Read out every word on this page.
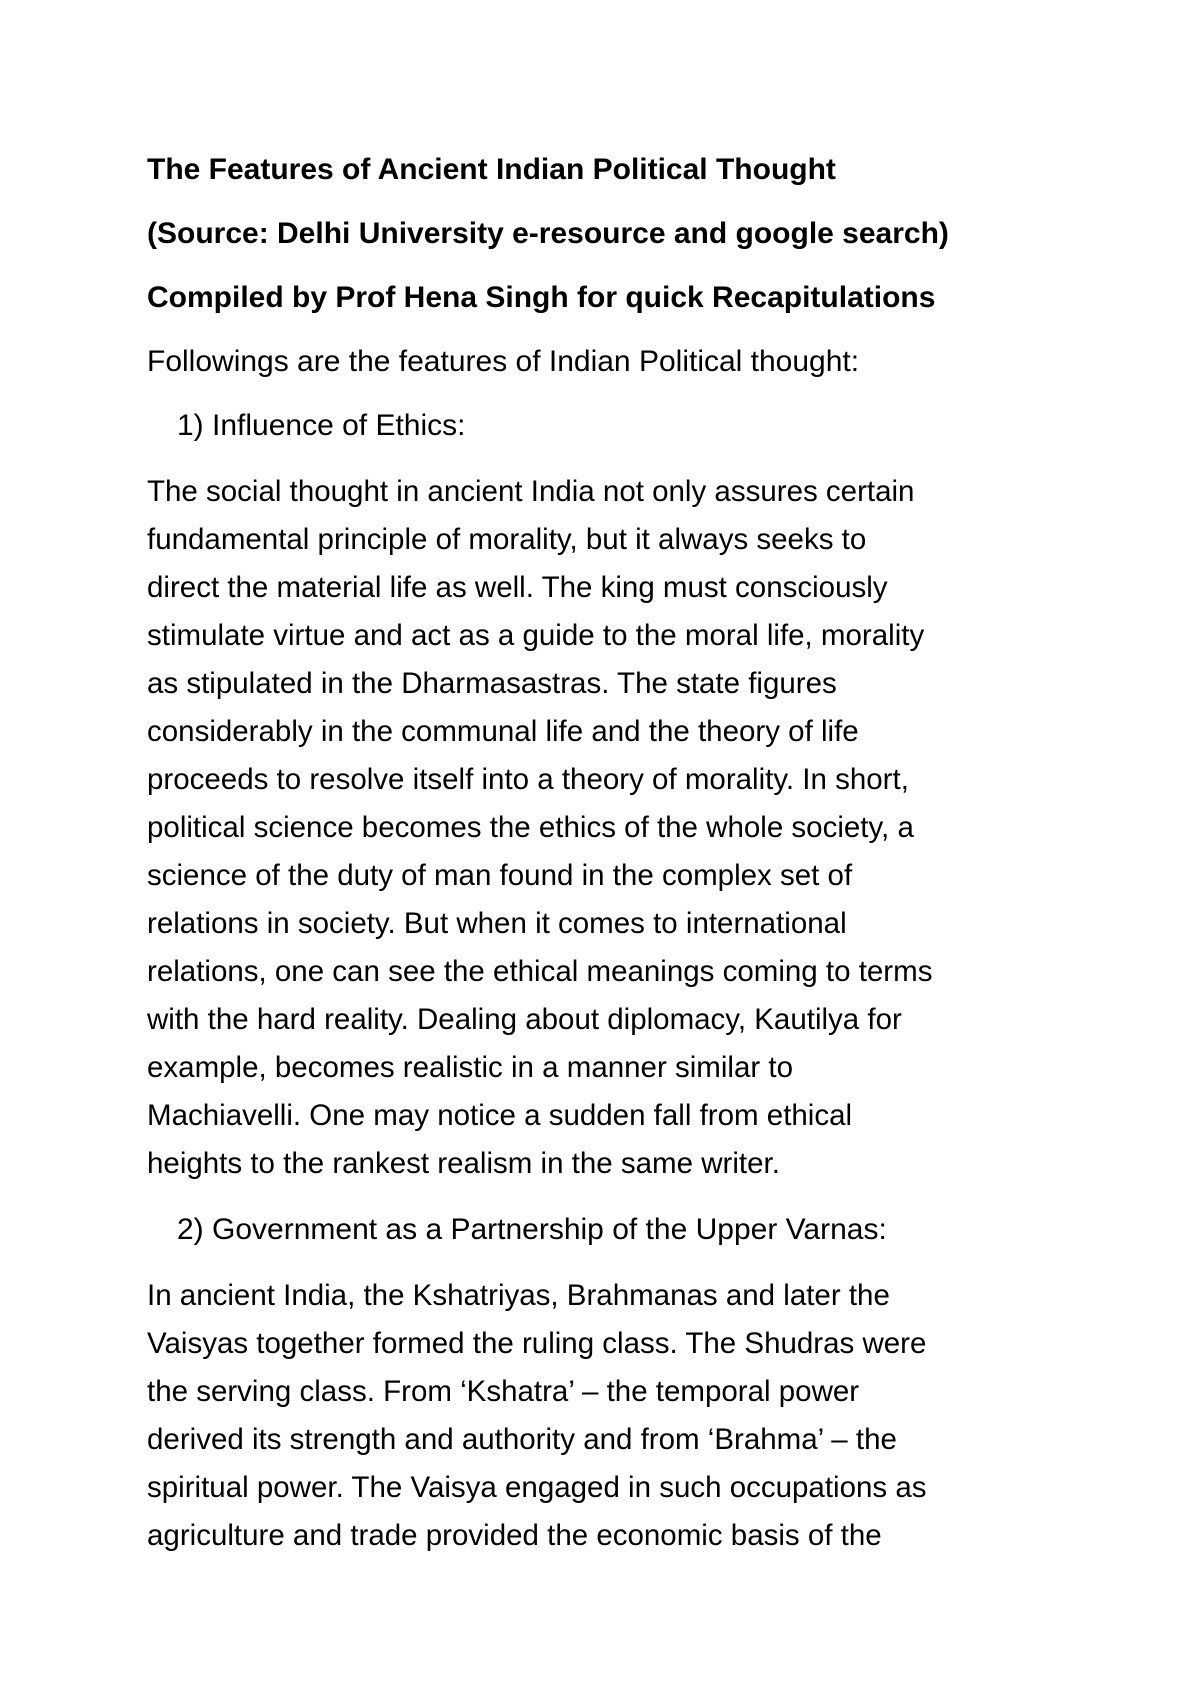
The Features of Ancient Indian Political Thought
(Source: Delhi University e-resource and google search)
Compiled by Prof Hena Singh for quick Recapitulations
Followings are the features of Indian Political thought:
1) Influence of Ethics:
The social thought in ancient India not only assures certain
fundamental principle of morality, but it always seeks to
direct the material life as well. The king must consciously
stimulate virtue and act as a guide to the moral life, morality
as stipulated in the Dharmasastras. The state figures
considerably in the communal life and the theory of life
proceeds to resolve itself into a theory of morality. In short,
political science becomes the ethics of the whole society, a
science of the duty of man found in the complex set of
relations in society. But when it comes to international
relations, one can see the ethical meanings coming to terms
with the hard reality. Dealing about diplomacy, Kautilya for
example, becomes realistic in a manner similar to
Machiavelli. One may notice a sudden fall from ethical
heights to the rankest realism in the same writer.
2) Government as a Partnership of the Upper Varnas:
In ancient India, the Kshatriyas, Brahmanas and later the
Vaisyas together formed the ruling class. The Shudras were
the serving class. From ‘Kshatra’ – the temporal power
derived its strength and authority and from ‘Brahma’ – the
spiritual power. The Vaisya engaged in such occupations as
agriculture and trade provided the economic basis of the
